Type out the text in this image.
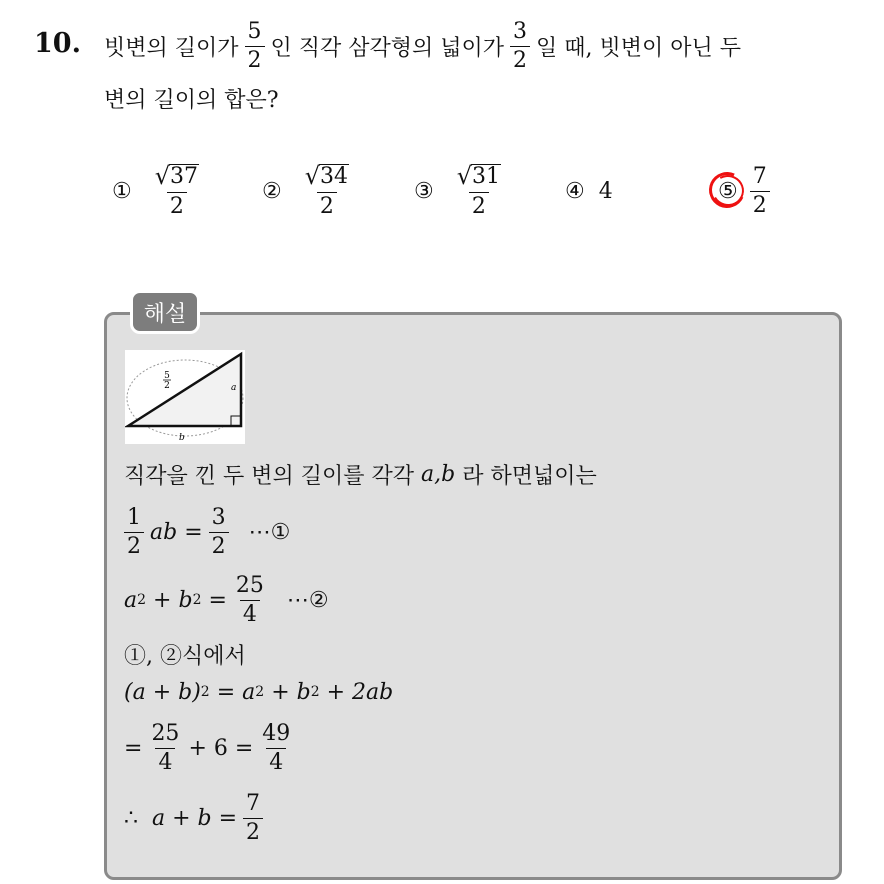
10. 빗변의 길이가 $\frac{5}{2}$ 인 직각 삼각형의 넓이가 $\frac{3}{2}$ 일 때, 빗변이 아닌 두
변의 길이의 합은?
① $\frac{√ 37}{2}$	② $\frac{√ 34}{2}$	③ $\frac{√ 31}{2}$	④ 4	⑤ $\frac{7}{2}$
해설
5
2	a
b
직각을 낀 두 변의 길이를 각각
a,b
라 하면넓이는
$\frac{1}{2}$ ab = $\frac{3}{2}$ ⋯①
a 2
+ b 2
= $\frac{25}{4}$ ⋯②
①, ②식에서
(a + b) 2
= a 2
+ b 2
+ 2ab
= $\frac{25}{4} + 6 = \frac{49}{4}$
∴
$a + b = \frac{7}{2}$
